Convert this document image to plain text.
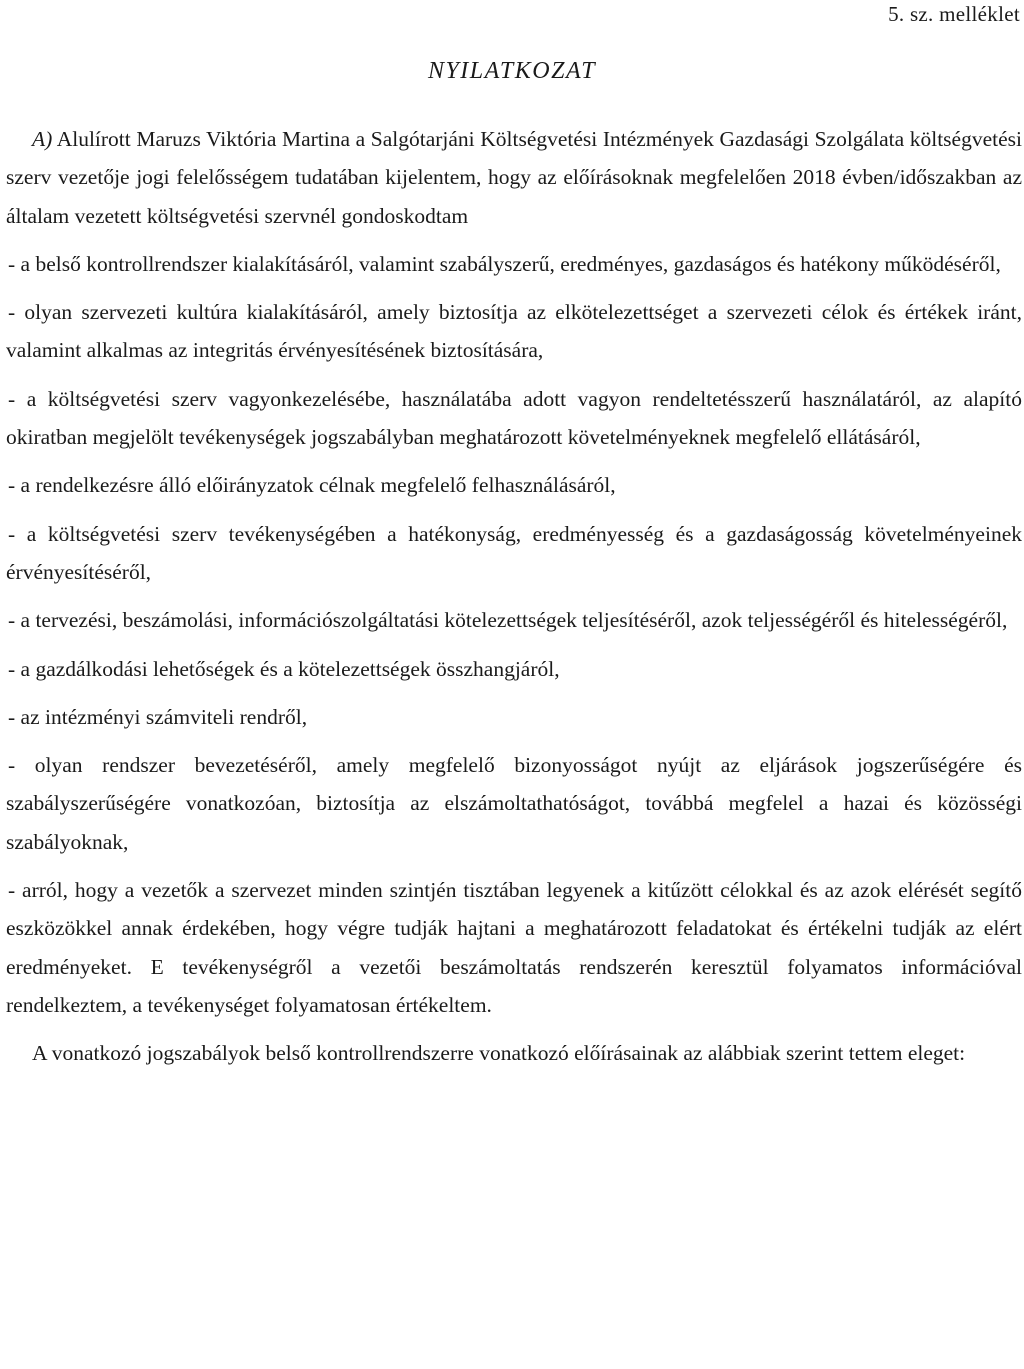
5. sz. melléklet
NYILATKOZAT

A) Alulírott Maruzs Viktória Martina a Salgótarjáni Költségvetési Intézmények Gazdasági Szolgálata költségvetési szerv vezetője jogi felelősségem tudatában kijelentem, hogy az előírásoknak megfelelően 2018 évben/időszakban az általam vezetett költségvetési szervnél gondoskodtam

- a belső kontrollrendszer kialakításáról, valamint szabályszerű, eredményes, gazdaságos és hatékony működéséről,

- olyan szervezeti kultúra kialakításáról, amely biztosítja az elkötelezettséget a szervezeti célok és értékek iránt, valamint alkalmas az integritás érvényesítésének biztosítására,

- a költségvetési szerv vagyonkezelésébe, használatába adott vagyon rendeltetésszerű használatáról, az alapító okiratban megjelölt tevékenységek jogszabályban meghatározott követelményeknek megfelelő ellátásáról,

- a rendelkezésre álló előirányzatok célnak megfelelő felhasználásáról,

- a költségvetési szerv tevékenységében a hatékonyság, eredményesség és a gazdaságosság követelményeinek érvényesítéséről,

- a tervezési, beszámolási, információszolgáltatási kötelezettségek teljesítéséről, azok teljességéről és hitelességéről,

- a gazdálkodási lehetőségek és a kötelezettségek összhangjáról,

- az intézményi számviteli rendről,

- olyan rendszer bevezetéséről, amely megfelelő bizonyosságot nyújt az eljárások jogszerűségére és szabályszerűségére vonatkozóan, biztosítja az elszámoltathatóságot, továbbá megfelel a hazai és közösségi szabályoknak,

- arról, hogy a vezetők a szervezet minden szintjén tisztában legyenek a kitűzött célokkal és az azok elérését segítő eszközökkel annak érdekében, hogy végre tudják hajtani a meghatározott feladatokat és értékelni tudják az elért eredményeket. E tevékenységről a vezetői beszámoltatás rendszerén keresztül folyamatos információval rendelkeztem, a tevékenységet folyamatosan értékeltem.

A vonatkozó jogszabályok belső kontrollrendszerre vonatkozó előírásainak az alábbiak szerint tettem eleget:
